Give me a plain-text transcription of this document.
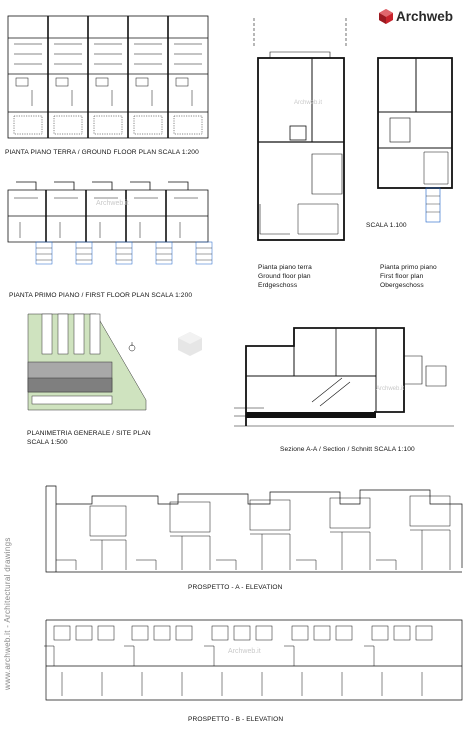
Archweb
www.archweb.it - Architectural drawings
PIANTA PIANO TERRA / GROUND FLOOR PLAN SCALA 1:200
PIANTA PRIMO PIANO / FIRST FLOOR PLAN SCALA 1:200
Archweb.it
SCALA 1.100
Pianta piano terra
Ground floor plan
Erdgeschoss
Pianta primo piano
First floor plan
Obergeschoss
PLANIMETRIA GENERALE / SITE PLAN
SCALA 1:500
Archweb.it
Sezione A-A / Section / Schnitt SCALA 1:100
PROSPETTO - A - ELEVATION
PROSPETTO - B - ELEVATION
Archweb.it
Archweb.it
